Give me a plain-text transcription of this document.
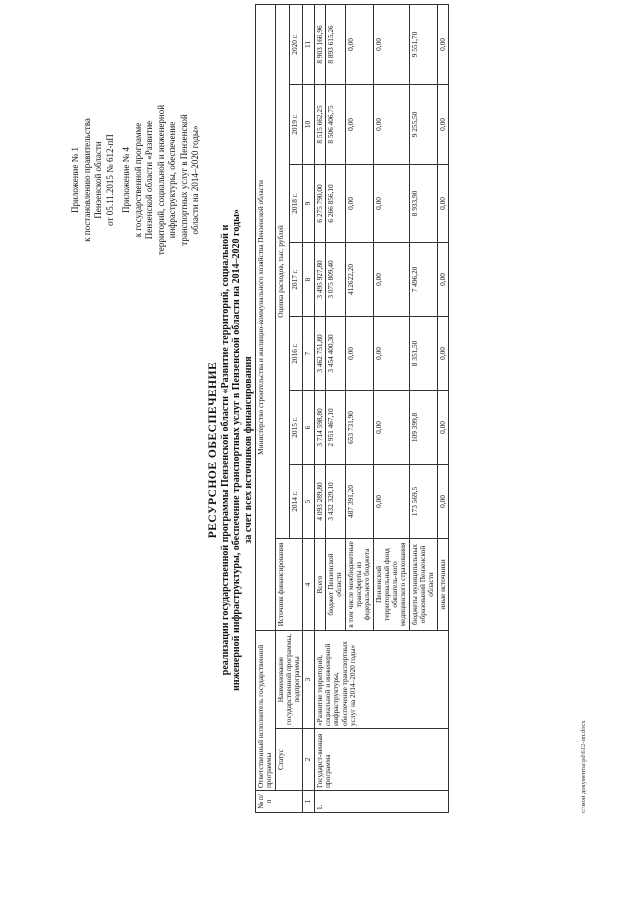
Приложение № 1 к постановлению правительства Пензенской области от 05.11.2015 № 612-пП Приложение № 4 к государственной программе Пензенской области «Развитие территорий, социальной и инженерной инфраструктуры, обеспечение транспортных услуг в Пензенской области на 2014–2020 годы»
РЕСУРСНОЕ ОБЕСПЕЧЕНИЕ реализации государственной программы Пензенской области «Развитие территорий, социальной и инженерной инфраструктуры, обеспечение транспортных услуг в Пензенской области на 2014–2020 годы» за счет всех источников финансирования
№ п/п	Ответственный исполнитель государственной программы		Министерство строительства и жилищно-коммунального хозяйства Пензенской области							
	Статус	Наименование государственной программы, подпрограммы	Источник финансирования	Оценка расходов, тыс. рублей						
				2014 г.	2015 г.	2016 г.	2017 г.	2018 г.	2019 г.	2020 г.
1	2	3	4	5	6	7	8	9	10	11
1.	Государст-венная программа	«Развитие территорий, социальной и инженерной инфраструктуры, обеспечение транспортных услуг на 2014–2020 годы»	Всего	4 093 289,80	3 714 598,80	3 462 751,80	3 495 927,80	6 275 790,00	8 515 662,25	8 903 166,96
			бюджет Пензенской области	3 432 329,10	2 951 467,10	3 454 400,30	3 075 809,40	6 266 856,10	8 506 406,75	8 893 615,26
			в том числе межбюджетные трансферты из федерального бюджета	487 391,20	653 731,90	0,00	412622,20	0,00	0,00	0,00
			Пензенский территориальный фонд обязатель-ного медицинского страхования	0,00	0,00	0,00	0,00	0,00	0,00	0,00
			бюджеты муниципальных образований Пензенской области	173 569,5	109 399,8	8 351,50	7 496,20	8 933,90	9 255,50	9 551,70
			иные источники	0,00	0,00	0,00	0,00	0,00	0,00	0,00
c:\мои документы\pd\612-пп.docx
